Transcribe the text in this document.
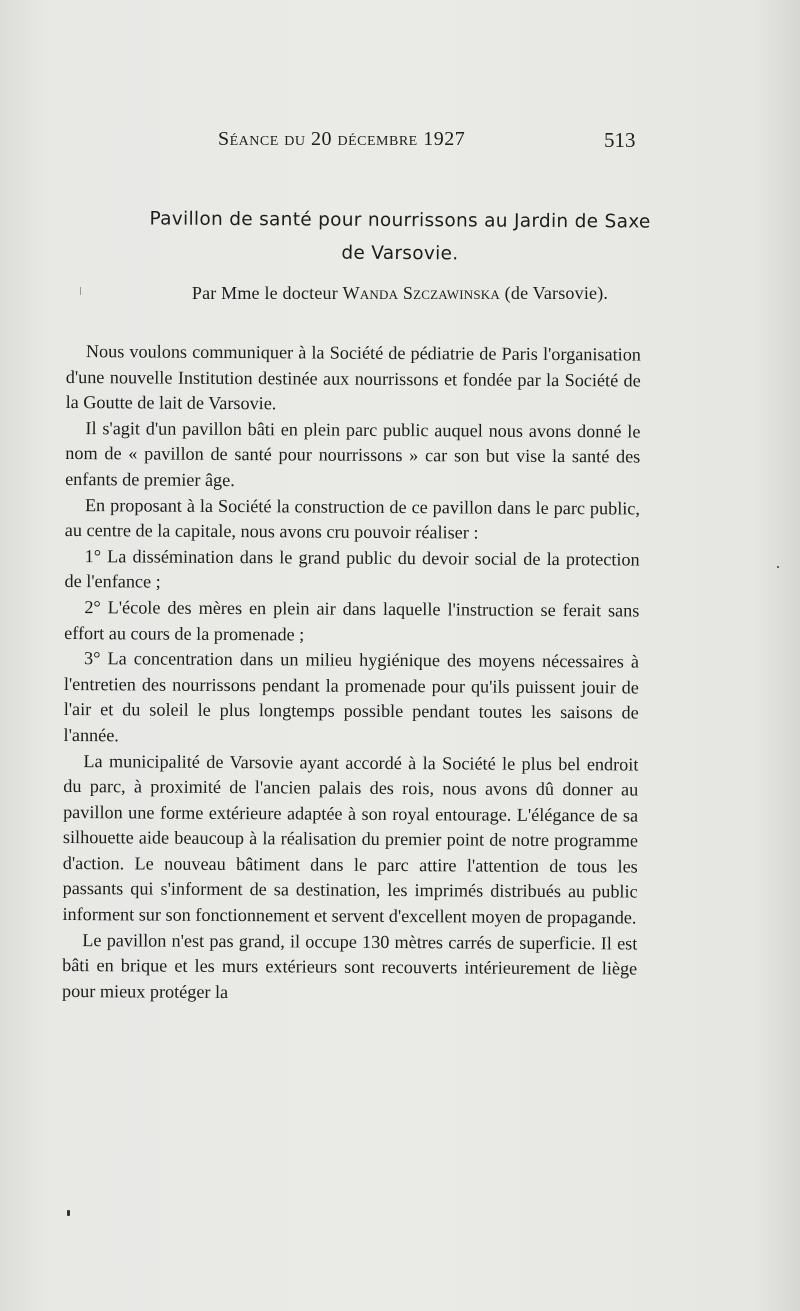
Séance du 20 décembre 1927	513
Pavillon de santé pour nourrissons au Jardin de Saxe
de Varsovie.
Par Mme le docteur Wanda Szczawinska (de Varsovie).

Nous voulons communiquer à la Société de pédiatrie de Paris l'organisation d'une nouvelle Institution destinée aux nourrissons et fondée par la Société de la Goutte de lait de Varsovie.

Il s'agit d'un pavillon bâti en plein parc public auquel nous avons donné le nom de « pavillon de santé pour nourrissons » car son but vise la santé des enfants de premier âge.

En proposant à la Société la construction de ce pavillon dans le parc public, au centre de la capitale, nous avons cru pouvoir réaliser :

1° La dissémination dans le grand public du devoir social de la protection de l'enfance ;

2° L'école des mères en plein air dans laquelle l'instruction se ferait sans effort au cours de la promenade ;

3° La concentration dans un milieu hygiénique des moyens nécessaires à l'entretien des nourrissons pendant la promenade pour qu'ils puissent jouir de l'air et du soleil le plus longtemps possible pendant toutes les saisons de l'année.

La municipalité de Varsovie ayant accordé à la Société le plus bel endroit du parc, à proximité de l'ancien palais des rois, nous avons dû donner au pavillon une forme extérieure adaptée à son royal entourage. L'élégance de sa silhouette aide beaucoup à la réalisation du premier point de notre programme d'action. Le nouveau bâtiment dans le parc attire l'attention de tous les passants qui s'informent de sa destination, les imprimés distribués au public informent sur son fonctionnement et servent d'excellent moyen de propagande.

Le pavillon n'est pas grand, il occupe 130 mètres carrés de superficie. Il est bâti en brique et les murs extérieurs sont recouverts intérieurement de liège pour mieux protéger la
